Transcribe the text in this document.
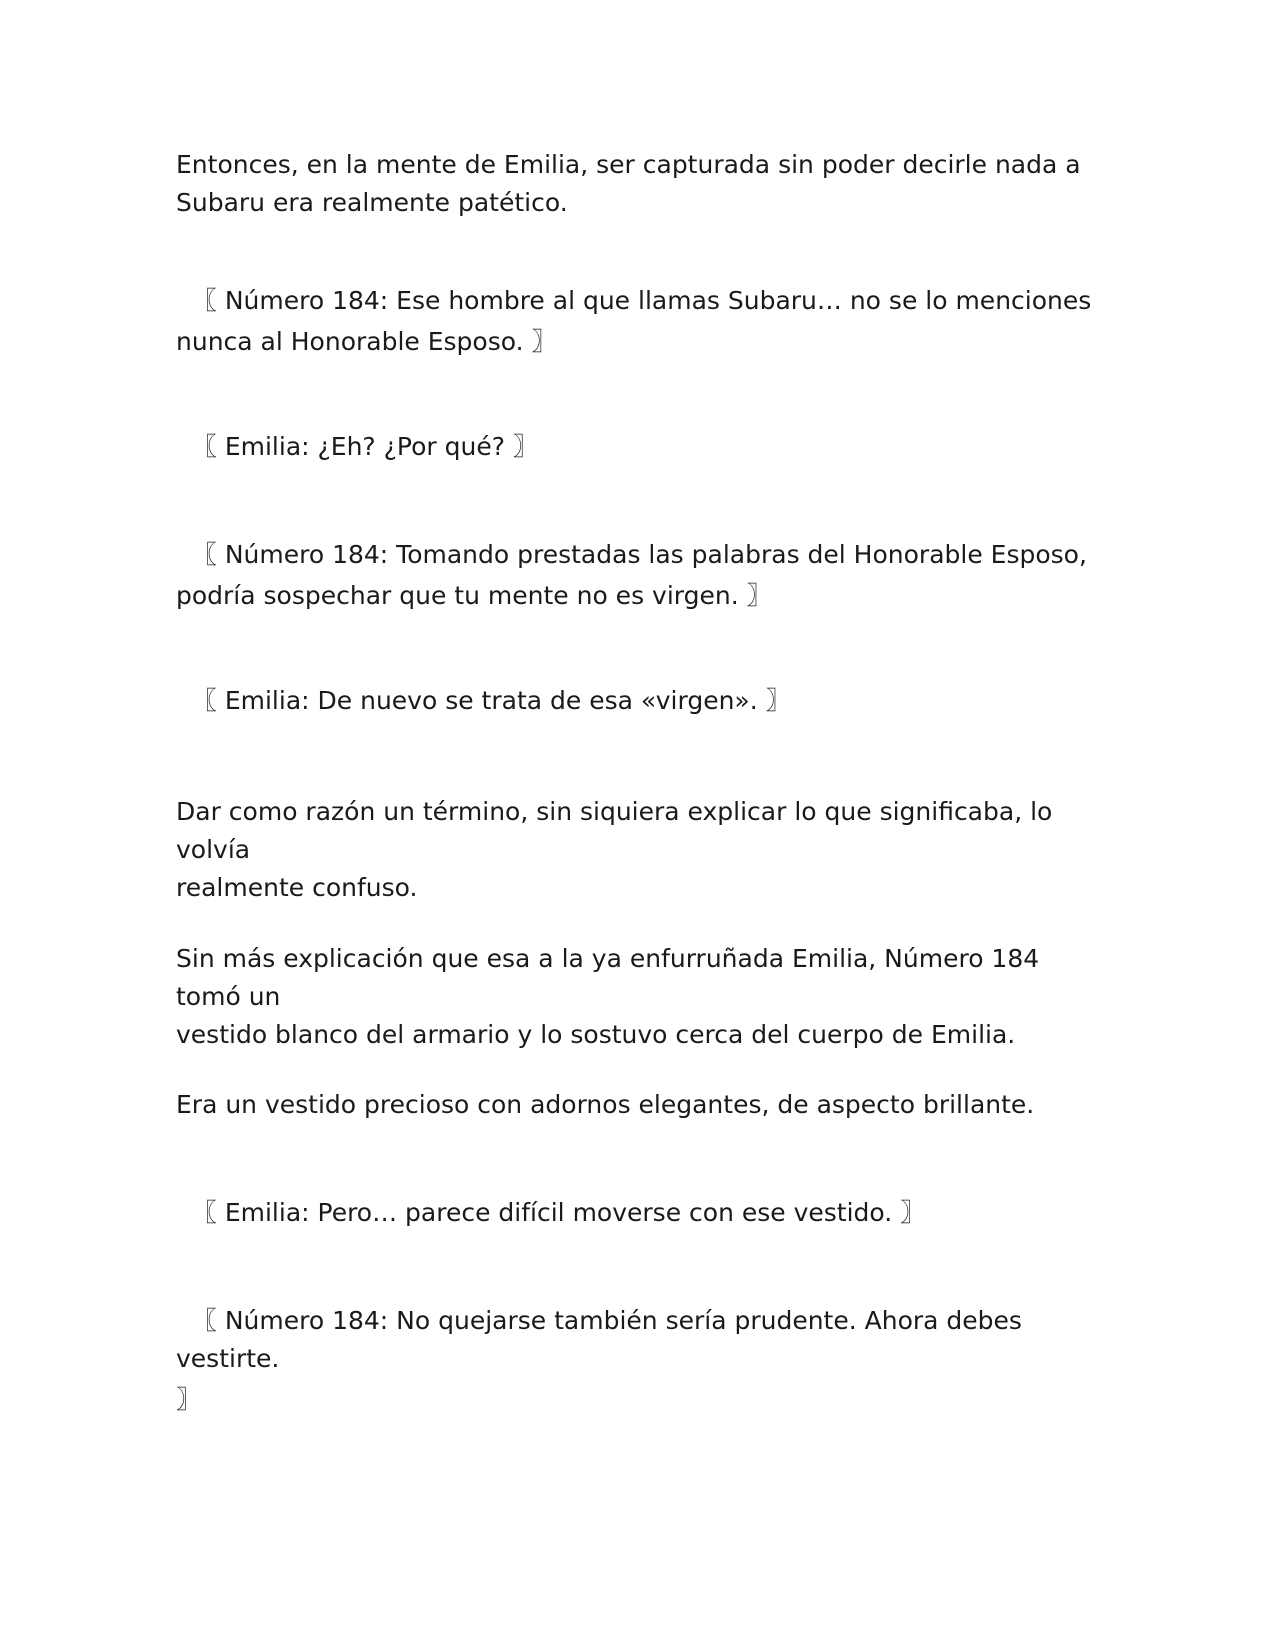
Entonces, en la mente de Emilia, ser capturada sin poder decirle nada a
Subaru era realmente patético.

〖 Número 184: Ese hombre al que llamas Subaru… no se lo menciones
nunca al Honorable Esposo. 〗

〖 Emilia: ¿Eh? ¿Por qué? 〗

〖 Número 184: Tomando prestadas las palabras del Honorable Esposo,
podría sospechar que tu mente no es virgen. 〗

〖 Emilia: De nuevo se trata de esa «virgen». 〗

Dar como razón un término, sin siquiera explicar lo que significaba, lo volvía
realmente confuso.

Sin más explicación que esa a la ya enfurruñada Emilia, Número 184 tomó un
vestido blanco del armario y lo sostuvo cerca del cuerpo de Emilia.

Era un vestido precioso con adornos elegantes, de aspecto brillante.

〖 Emilia: Pero… parece difícil moverse con ese vestido. 〗

〖 Número 184: No quejarse también sería prudente. Ahora debes vestirte.
〗
